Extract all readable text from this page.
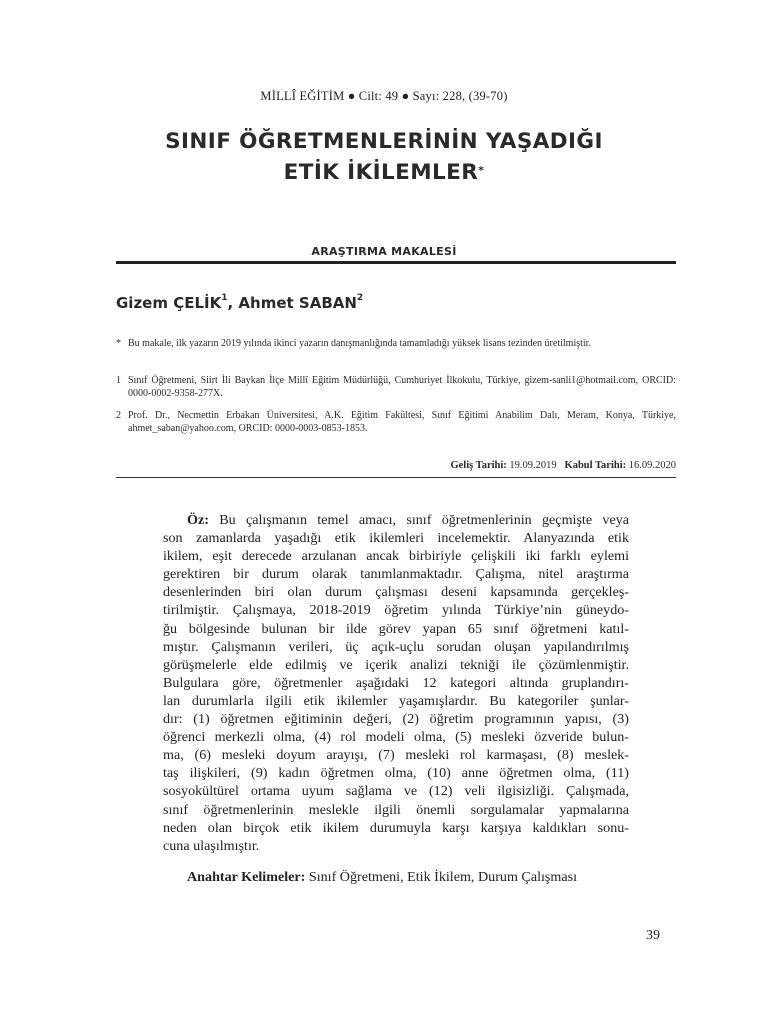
MİLLÎ EĞİTİM ● Cilt: 49 ● Sayı: 228, (39-70)
SINIF ÖĞRETMENLERİNİN YAŞADIĞI
ETİK İKİLEMLER*
ARAŞTIRMA MAKALESİ
Gizem ÇELİK$^1$, Ahmet SABAN$^2$
* Bu makale, ilk yazarın 2019 yılında ikinci yazarın danışmanlığında tamamladığı yüksek lisans tezinden üretilmiştir.
1 Sınıf Öğretmeni, Siirt İli Baykan İlçe Millî Eğitim Müdürlüğü, Cumhuriyet İlkokulu, Türkiye, gizem-sanli1@hotmail.com, ORCID: 0000-0002-9358-277X.
2 Prof. Dr., Necmettin Erbakan Üniversitesi, A.K. Eğitim Fakültesi, Sınıf Eğitimi Anabilim Dalı, Meram, Konya, Türkiye, ahmet_saban@yahoo.com, ORCID: 0000-0003-0853-1853.
Geliş Tarihi: 19.09.2019 Kabul Tarihi: 16.09.2020
Öz: Bu çalışmanın temel amacı, sınıf öğretmenlerinin geçmişte veya
son zamanlarda yaşadığı etik ikilemleri incelemektir. Alanyazında etik
ikilem, eşit derecede arzulanan ancak birbiriyle çelişkili iki farklı eylemi
gerektiren bir durum olarak tanımlanmaktadır. Çalışma, nitel araştırma
desenlerinden biri olan durum çalışması deseni kapsamında gerçekleş-
tirilmiştir. Çalışmaya, 2018-2019 öğretim yılında Türkiye’nin güneydo-
ğu bölgesinde bulunan bir ilde görev yapan 65 sınıf öğretmeni katıl-
mıştır. Çalışmanın verileri, üç açık-uçlu sorudan oluşan yapılandırılmış
görüşmelerle elde edilmiş ve içerik analizi tekniği ile çözümlenmiştir.
Bulgulara göre, öğretmenler aşağıdaki 12 kategori altında gruplandırı-
lan durumlarla ilgili etik ikilemler yaşamışlardır. Bu kategoriler şunlar-
dır: (1) öğretmen eğitiminin değeri, (2) öğretim programının yapısı, (3)
öğrenci merkezli olma, (4) rol modeli olma, (5) mesleki özveride bulun-
ma, (6) mesleki doyum arayışı, (7) mesleki rol karmaşası, (8) meslek-
taş ilişkileri, (9) kadın öğretmen olma, (10) anne öğretmen olma, (11)
sosyokültürel ortama uyum sağlama ve (12) veli ilgisizliği. Çalışmada,
sınıf öğretmenlerinin meslekle ilgili önemli sorgulamalar yapmalarına
neden olan birçok etik ikilem durumuyla karşı karşıya kaldıkları sonu-
cuna ulaşılmıştır.
Anahtar Kelimeler: Sınıf Öğretmeni, Etik İkilem, Durum Çalışması
39
